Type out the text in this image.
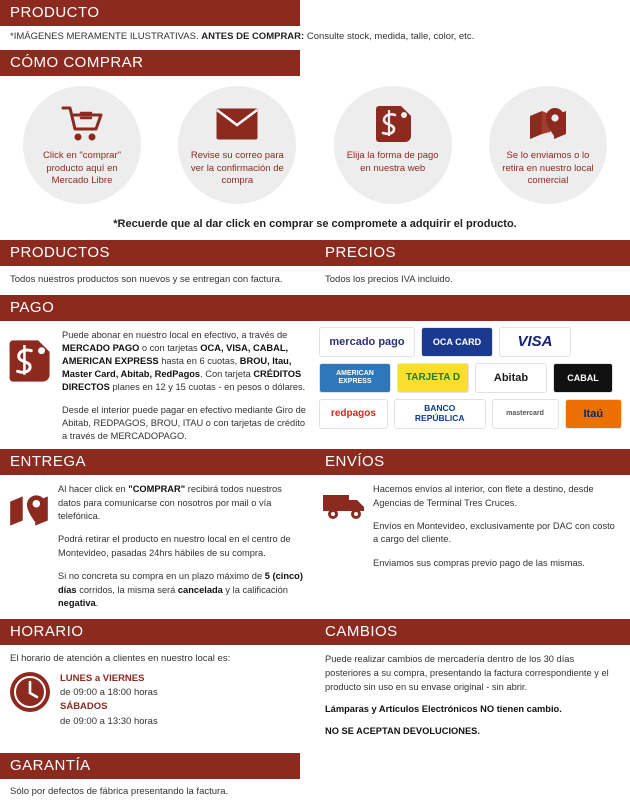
PRODUCTO
*IMÁGENES MERAMENTE ILUSTRATIVAS. ANTES DE COMPRAR: Consulte stock, medida, talle, color, etc.
CÓMO COMPRAR
Click en "comprar" producto aquí en Mercado Libre
Revise su correo para ver la confirmación de compra
Elija la forma de pago en nuestra web
Se lo enviamos o lo retira en nuestro local comercial
*Recuerde que al dar click en comprar se compromete a adquirir el producto.
PRODUCTOS
Todos nuestros productos son nuevos y se entregan con factura.
PRECIOS
Todos los precios IVA incluido.
PAGO

Puede abonar en nuestro local en efectivo, a través de MERCADO PAGO o con tarjetas OCA, VISA, CABAL, AMERICAN EXPRESS hasta en 6 cuotas, BROU, Itau, Master Card, Abitab, RedPagos. Con tarjeta CRÉDITOS DIRECTOS planes en 12 y 15 cuotas - en pesos o dólares.

Desde el interior puede pagar en efectivo mediante Giro de Abitab, REDPAGOS, BROU, ITAU o con tarjetas de crédito a través de MERCADOPAGO.

mercado pago	OCA CARD	VISA
AMERICAN EXPRESS	TARJETA D	Abitab	CABAL
redpagos	BANCO REPÚBLICA	mastercard	Itaú
ENTREGA	ENVÍOS

Al hacer click en "COMPRAR" recibirá todos nuestros datos para comunicarse con nosotros por mail o vía telefónica.

Podrá retirar el producto en nuestro local en el centro de Montevideo, pasadas 24hrs hábiles de su compra.

Si no concreta su compra en un plazo máximo de 5 (cinco) días corridos, la misma será cancelada y la calificación negativa.

Hacemos envíos al interior, con flete a destino, desde Agencias de Terminal Tres Cruces.

Envíos en Montevideo, exclusivamente por DAC con costo a cargo del cliente.

Enviamos sus compras previo pago de las mismas.

HORARIO	CAMBIOS
El horario de atención a clientes en nuestro local es:
LUNES a VIERNES
de 09:00 a 18:00 horas
SÁBADOS
de 09:00 a 13:30 horas

Puede realizar cambios de mercadería dentro de los 30 días posteriores a su compra, presentando la factura correspondiente y el producto sin uso en su envase original - sin abrir.

Lámparas y Artículos Electrónicos NO tienen cambio.

NO SE ACEPTAN DEVOLUCIONES.

GARANTÍA
Sólo por defectos de fábrica presentando la factura.
